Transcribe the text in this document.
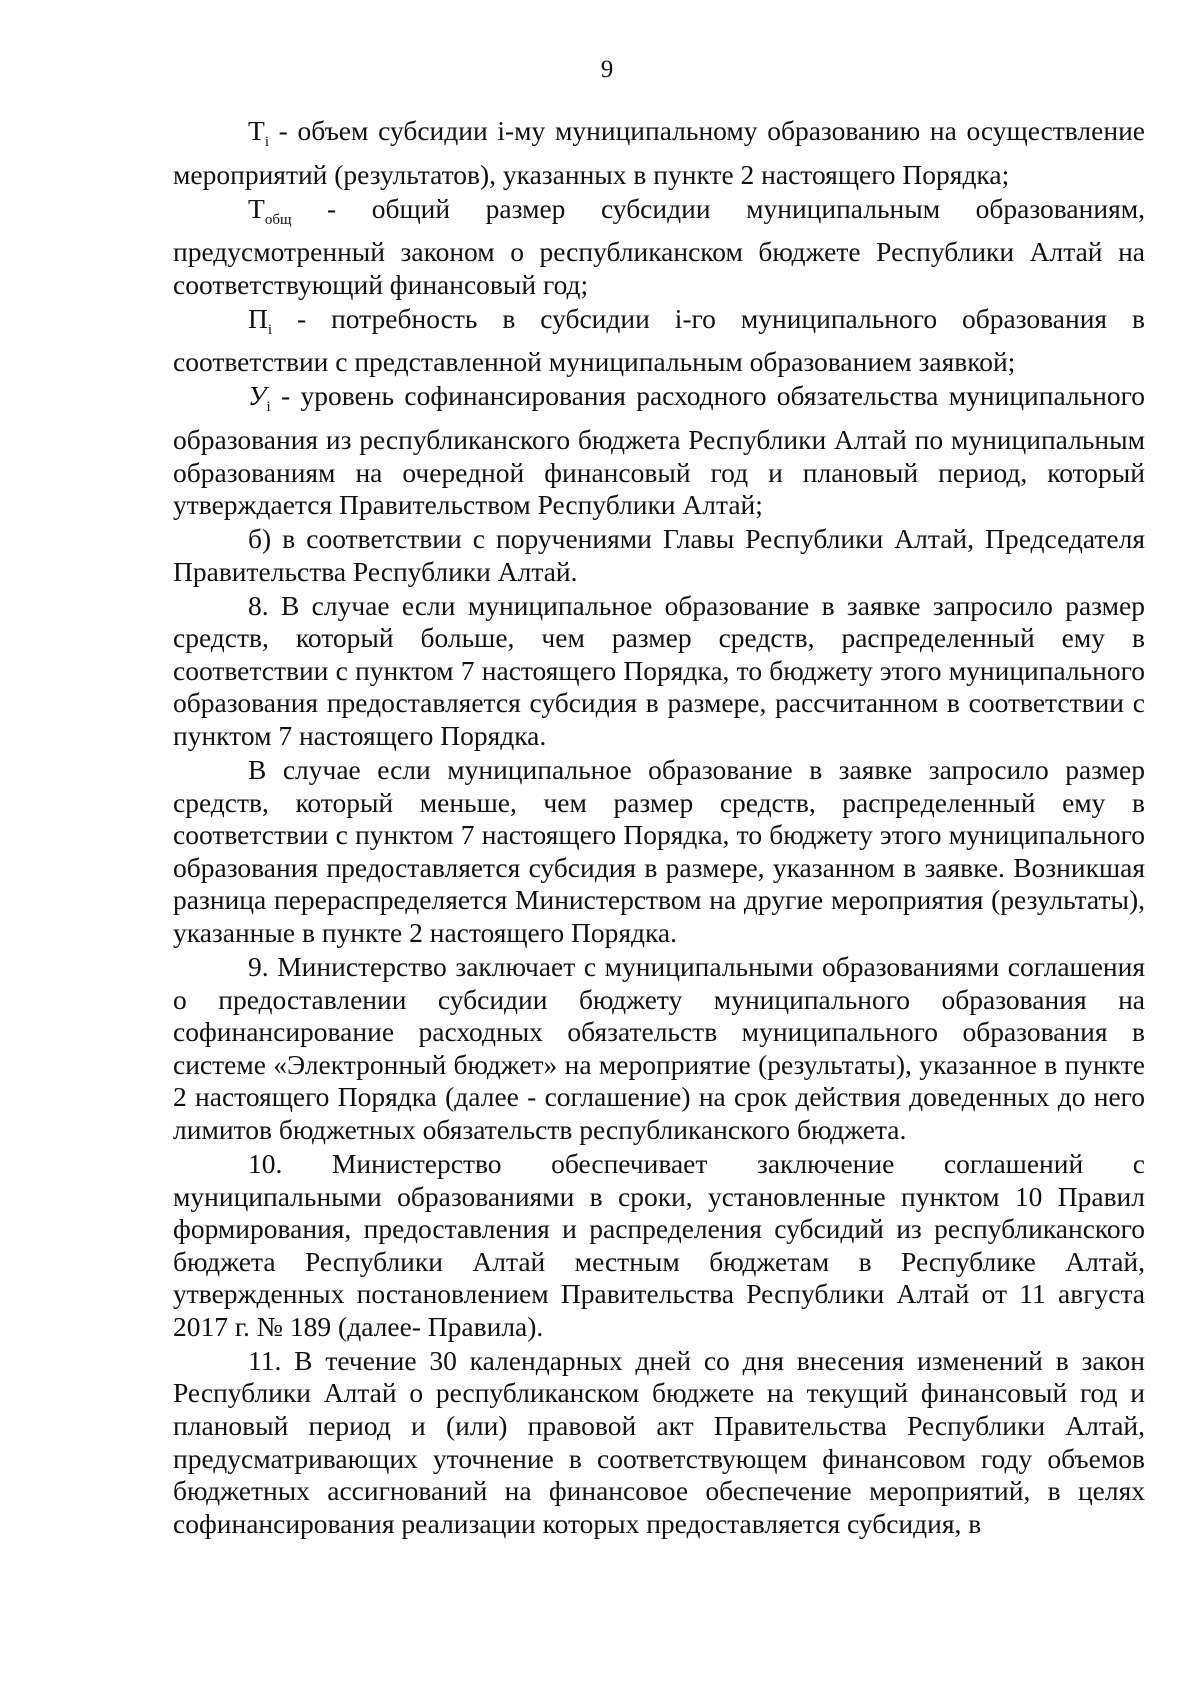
9

$T_i$ - объем субсидии i-му муниципальному образованию на осуществление мероприятий (результатов), указанных в пункте 2 настоящего Порядка;

$T_{общ}$ - общий размер субсидии муниципальным образованиям, предусмотренный законом о республиканском бюджете Республики Алтай на соответствующий финансовый год;

$П_i$ - потребность в субсидии i-го муниципального образования в соответствии с представленной муниципальным образованием заявкой;

$У_i$ - уровень софинансирования расходного обязательства муниципального образования из республиканского бюджета Республики Алтай по муниципальным образованиям на очередной финансовый год и плановый период, который утверждается Правительством Республики Алтай;

б) в соответствии с поручениями Главы Республики Алтай, Председателя Правительства Республики Алтай.

8. В случае если муниципальное образование в заявке запросило размер средств, который больше, чем размер средств, распределенный ему в соответствии с пунктом 7 настоящего Порядка, то бюджету этого муниципального образования предоставляется субсидия в размере, рассчитанном в соответствии с пунктом 7 настоящего Порядка.

В случае если муниципальное образование в заявке запросило размер средств, который меньше, чем размер средств, распределенный ему в соответствии с пунктом 7 настоящего Порядка, то бюджету этого муниципального образования предоставляется субсидия в размере, указанном в заявке. Возникшая разница перераспределяется Министерством на другие мероприятия (результаты), указанные в пункте 2 настоящего Порядка.

9. Министерство заключает с муниципальными образованиями соглашения о предоставлении субсидии бюджету муниципального образования на софинансирование расходных обязательств муниципального образования в системе «Электронный бюджет» на мероприятие (результаты), указанное в пункте 2 настоящего Порядка (далее - соглашение) на срок действия доведенных до него лимитов бюджетных обязательств республиканского бюджета.

10. Министерство обеспечивает заключение соглашений с муниципальными образованиями в сроки, установленные пунктом 10 Правил формирования, предоставления и распределения субсидий из республиканского бюджета Республики Алтай местным бюджетам в Республике Алтай, утвержденных постановлением Правительства Республики Алтай от 11 августа 2017 г. № 189 (далее- Правила).

11. В течение 30 календарных дней со дня внесения изменений в закон Республики Алтай о республиканском бюджете на текущий финансовый год и плановый период и (или) правовой акт Правительства Республики Алтай, предусматривающих уточнение в соответствующем финансовом году объемов бюджетных ассигнований на финансовое обеспечение мероприятий, в целях софинансирования реализации которых предоставляется субсидия, в
